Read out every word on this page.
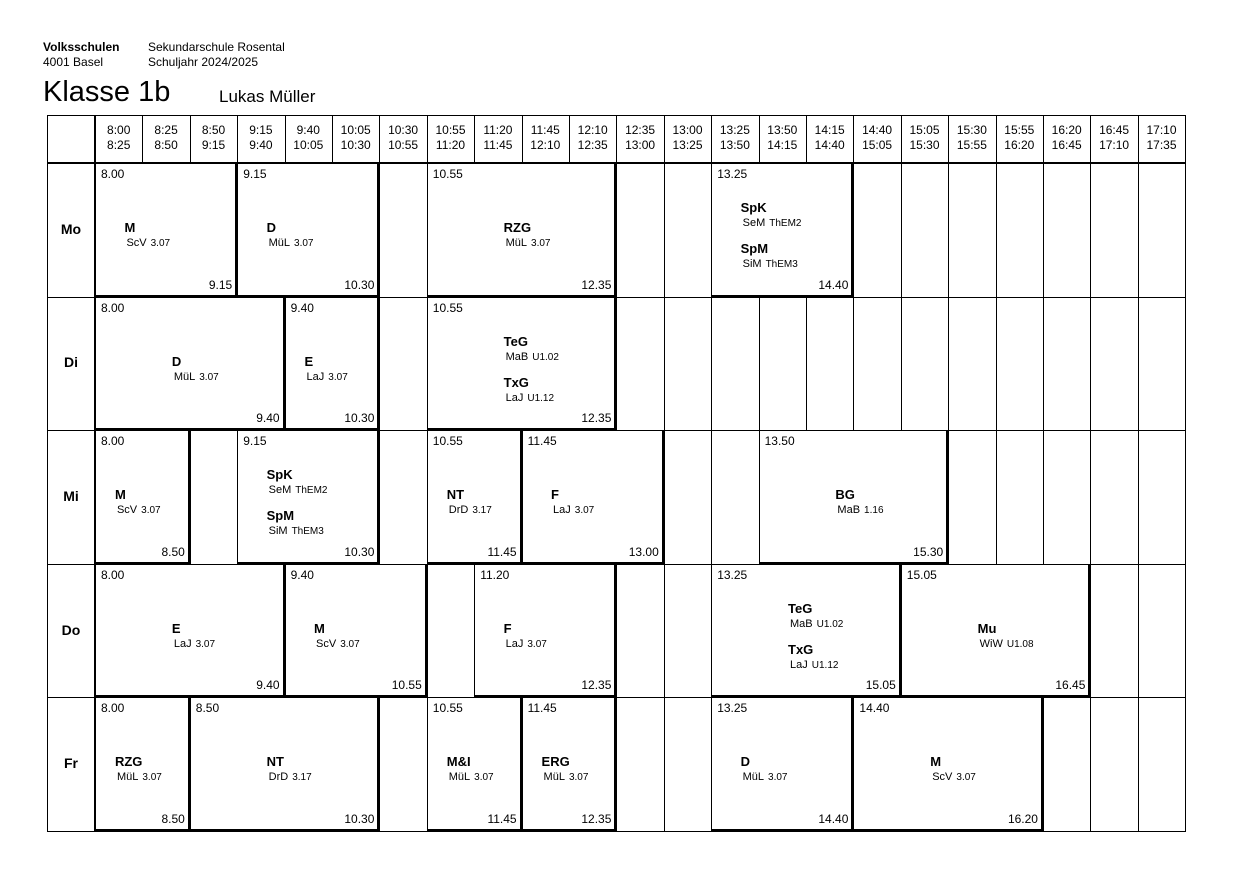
Volksschulen
4001 Basel
Sekundarschule Rosental
Schuljahr 2024/2025
Klasse 1b	Lukas Müller
8:00
8:25
8:25
8:50
8:50
9:15
9:15
9:40
9:40
10:05
10:05
10:30
10:30
10:55
10:55
11:20
11:20
11:45
11:45
12:10
12:10
12:35
12:35
13:00
13:00
13:25
13:25
13:50
13:50
14:15
14:15
14:40
14:40
15:05
15:05
15:30
15:30
15:55
15:55
16:20
16:20
16:45
16:45
17:10
17:10
17:35
Mo
8.00
9.15
M
ScV 3.07
9.15
10.30
D
MüL 3.07
10.55
12.35
RZG
MüL 3.07
13.25
14.40
SpK
SeM ThEM2
SpM
SiM ThEM3
Di
8.00
9.40
D
MüL 3.07
9.40
10.30
E
LaJ 3.07
10.55
12.35
TeG
MaB U1.02
TxG
LaJ U1.12
Mi
8.00
8.50
M
ScV 3.07
9.15
10.30
SpK
SeM ThEM2
SpM
SiM ThEM3
10.55
11.45
NT
DrD 3.17
11.45
13.00
F
LaJ 3.07
13.50
15.30
BG
MaB 1.16
Do
8.00
9.40
E
LaJ 3.07
9.40
10.55
M
ScV 3.07
11.20
12.35
F
LaJ 3.07
13.25
15.05
TeG
MaB U1.02
TxG
LaJ U1.12
15.05
16.45
Mu
WiW U1.08
Fr
8.00
8.50
RZG
MüL 3.07
8.50
10.30
NT
DrD 3.17
10.55
11.45
M&I
MüL 3.07
11.45
12.35
ERG
MüL 3.07
13.25
14.40
D
MüL 3.07
14.40
16.20
M
ScV 3.07
